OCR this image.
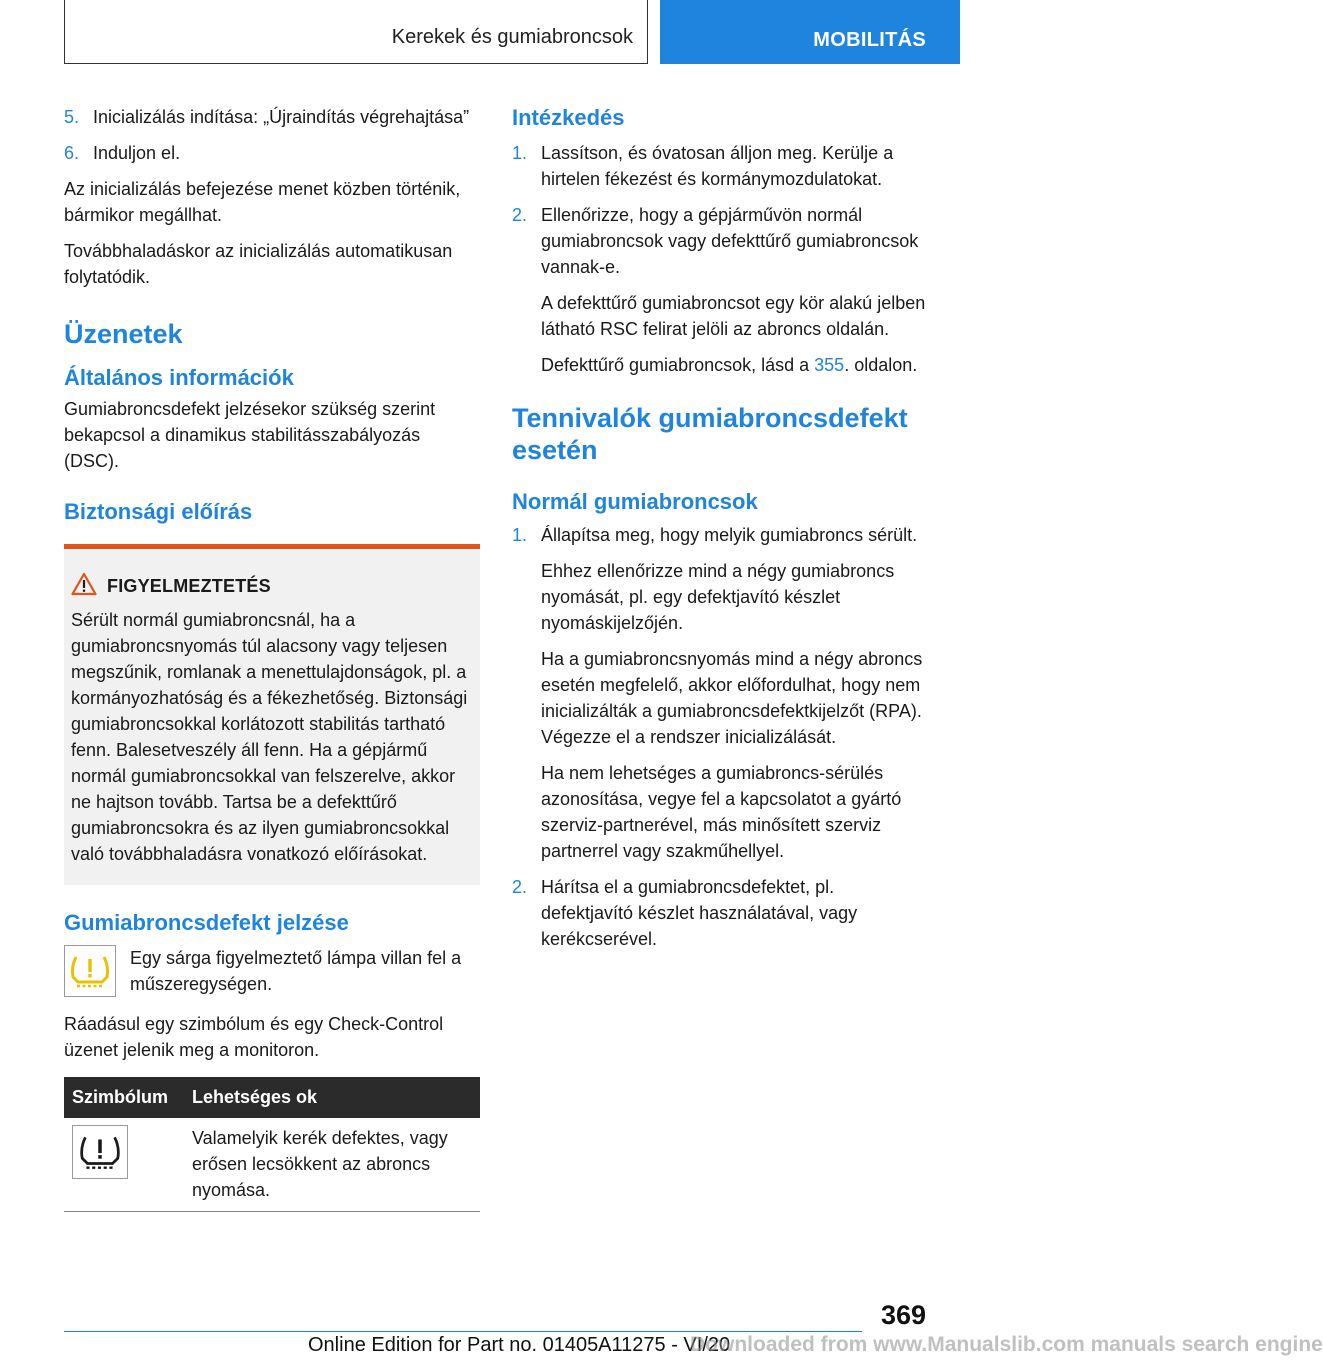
Kerekek és gumiabroncsok	MOBILITÁS
5. Inicializálás indítása: „Újraindítás végrehajtása”

6. Induljon el.

Az inicializálás befejezése menet közben történik, bármikor megállhat.

Továbbhaladáskor az inicializálás automatikusan folytatódik.

Üzenetek
Általános információk

Gumiabroncsdefekt jelzésekor szükség szerint bekapcsol a dinamikus stabilitásszabályozás (DSC).

Biztonsági előírás
FIGYELMEZTETÉS

Sérült normál gumiabroncsnál, ha a gumiabroncsnyomás túl alacsony vagy teljesen megszűnik, romlanak a menettulajdonságok, pl. a kormányozhatóság és a fékezhetőség. Biztonsági gumiabroncsokkal korlátozott stabilitás tartható fenn. Balesetveszély áll fenn. Ha a gépjármű normál gumiabroncsokkal van felszerelve, akkor ne hajtson tovább. Tartsa be a defekttűrő gumiabroncsokra és az ilyen gumiabroncsokkal való továbbhaladásra vonatkozó előírásokat.

Gumiabroncsdefekt jelzése

Egy sárga figyelmeztető lámpa villan fel a műszeregységen.

Ráadásul egy szimbólum és egy Check-Control üzenet jelenik meg a monitoron.

Szimbólum	Lehetséges ok

	Valamelyik kerék defektes, vagy erősen lecsökkent az abroncs nyomása.
Intézkedés
1. Lassítson, és óvatosan álljon meg. Kerülje a hirtelen fékezést és kormánymozdulatokat.

2. Ellenőrizze, hogy a gépjárművön normál gumiabroncsok vagy defekttűrő gumiabroncsok vannak-e.

A defekttűrő gumiabroncsot egy kör alakú jelben látható RSC felirat jelöli az abroncs oldalán.

Defekttűrő gumiabroncsok, lásd a 355. oldalon.

Tennivalók gumiabroncsdefekt esetén
Normál gumiabroncsok
1. Állapítsa meg, hogy melyik gumiabroncs sérült.

Ehhez ellenőrizze mind a négy gumiabroncs nyomását, pl. egy defektjavító készlet nyomáskijelzőjén.

Ha a gumiabroncsnyomás mind a négy abroncs esetén megfelelő, akkor előfordulhat, hogy nem inicializálták a gumiabroncsdefektkijelzőt (RPA). Végezze el a rendszer inicializálását.

Ha nem lehetséges a gumiabroncs-sérülés azonosítása, vegye fel a kapcsolatot a gyártó szerviz-partnerével, más minősített szerviz partnerrel vagy szakműhellyel.

2. Hárítsa el a gumiabroncsdefektet, pl. defektjavító készlet használatával, vagy kerékcserével.

369
Online Edition for Part no. 01405A11275 - VI/20
Downloaded from www.Manualslib.com manuals search engine
